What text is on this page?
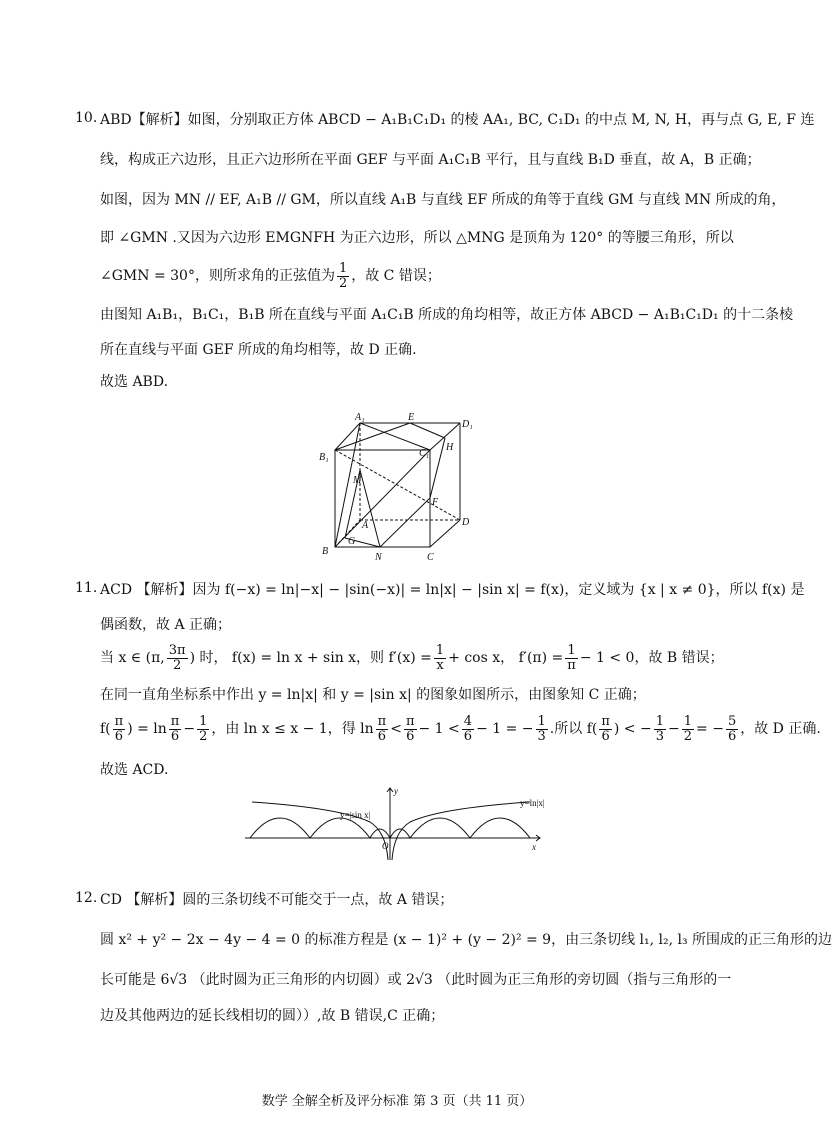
10. ABD【解析】如图，分别取正方体 ABCD − A₁B₁C₁D₁ 的棱 AA₁, BC, C₁D₁ 的中点 M, N, H，再与点 G, E, F 连
线，构成正六边形，且正六边形所在平面 GEF 与平面 A₁C₁B 平行，且与直线 B₁D 垂直，故 A，B 正确；
如图，因为 MN // EF, A₁B // GM，所以直线 A₁B 与直线 EF 所成的角等于直线 GM 与直线 MN 所成的角，
即 ∠GMN .又因为六边形 EMGNFH 为正六边形，所以 △MNG 是顶角为 120° 的等腰三角形，所以
∠GMN = 30°，则所求角的正弦值为 $\frac{1}{2}$ ，故 C 错误；
由图知 A₁B₁，B₁C₁，B₁B 所在直线与平面 A₁C₁B 所成的角均相等，故正方体 ABCD − A₁B₁C₁D₁ 的十二条棱
所在直线与平面 GEF 所成的角均相等，故 D 正确.
故选 ABD.
A₁	E
D₁
B₁	C₁
H
M
D
F
A
B
G
N	C
11. ACD 【解析】因为 f(−x) = ln|−x| − |sin(−x)| = ln|x| − |sin x| = f(x)，定义域为 {x | x ≠ 0}，所以 f(x) 是
偶函数，故 A 正确；
当 x ∈ (π, $\frac{3\pi}{2}$ ) 时， f(x) = ln x + sin x，则 $f'(x) = \frac{1}{x} + \cos x$， $f'(\pi) = \frac{1}{\pi} - 1 < 0$，故 B 错误；
在同一直角坐标系中作出 y = ln|x| 和 y = |sin x| 的图象如图所示，由图象知 C 正确；
$f( \frac{\pi}{6}$ ) = $\ln \frac{\pi}{6} - \frac{1}{2}$ ，由 ln x ≤ x − 1，得 $\ln \frac{\pi}{6} < \frac{\pi}{6} - 1 < \frac{4}{6} - 1$ = − $\frac{1}{3}$ .所以 $f( \frac{\pi}{6}$ ) < − $\frac{1}{3} - \frac{1}{2}$ = − $\frac{5}{6}$ ，故 D 正确.
故选 ACD.
y
x
O
y=|sin x|
y=ln|x|
12. CD 【解析】圆的三条切线不可能交于一点，故 A 错误；
圆 x² + y² − 2x − 4y − 4 = 0 的标准方程是 (x − 1)² + (y − 2)² = 9，由三条切线 l₁, l₂, l₃ 所围成的正三角形的边
长可能是 6√3 （此时圆为正三角形的内切圆）或 2√3 （此时圆为正三角形的旁切圆（指与三角形的一
边及其他两边的延长线相切的圆））,故 B 错误,C 正确；
数学 全解全析及评分标准 第 3 页（共 11 页）
